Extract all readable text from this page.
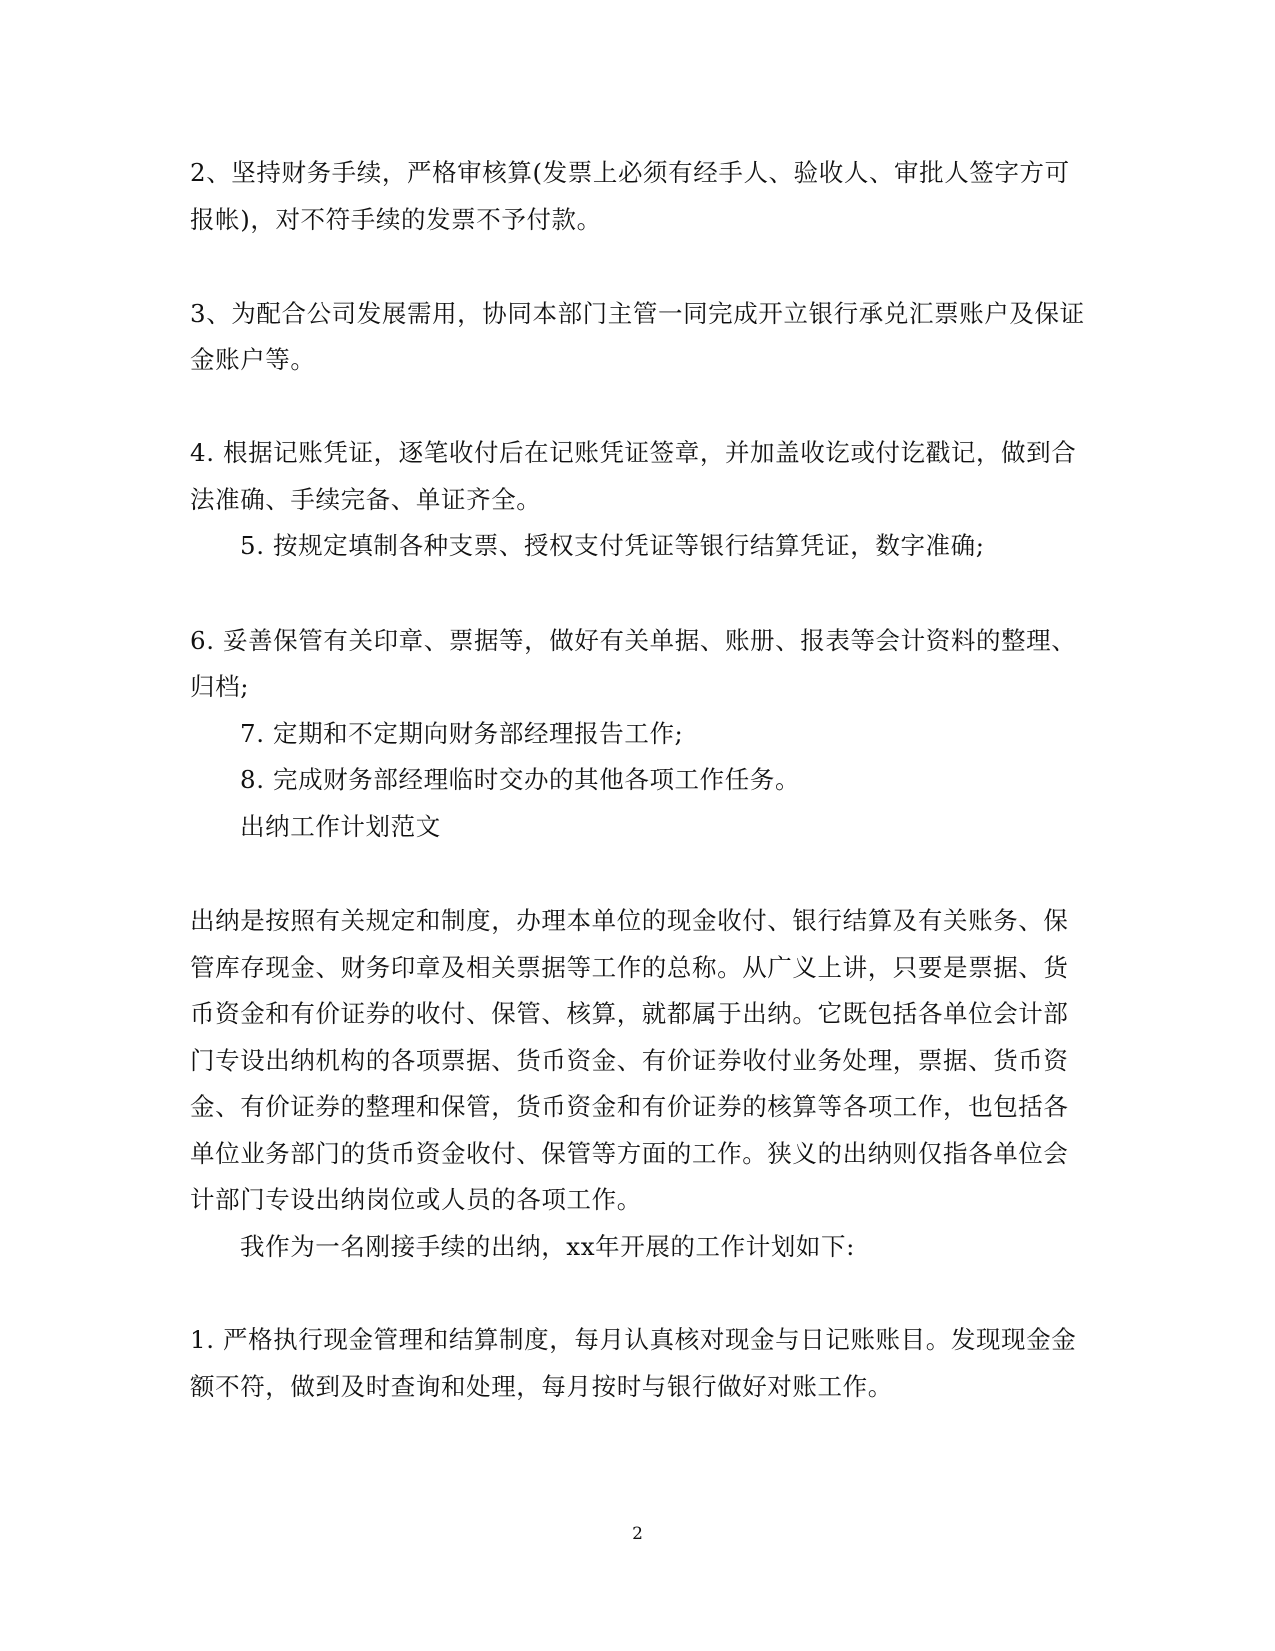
2、坚持财务手续，严格审核算(发票上必须有经手人、验收人、审批人签字方可

报帐)，对不符手续的发票不予付款。

3、为配合公司发展需用，协同本部门主管一同完成开立银行承兑汇票账户及保证

金账户等。

4. 根据记账凭证，逐笔收付后在记账凭证签章，并加盖收讫或付讫戳记，做到合

法准确、手续完备、单证齐全。

5. 按规定填制各种支票、授权支付凭证等银行结算凭证，数字准确;

6. 妥善保管有关印章、票据等，做好有关单据、账册、报表等会计资料的整理、

归档;

7. 定期和不定期向财务部经理报告工作;

8. 完成财务部经理临时交办的其他各项工作任务。

出纳工作计划范文

出纳是按照有关规定和制度，办理本单位的现金收付、银行结算及有关账务、保

管库存现金、财务印章及相关票据等工作的总称。从广义上讲，只要是票据、货

币资金和有价证券的收付、保管、核算，就都属于出纳。它既包括各单位会计部

门专设出纳机构的各项票据、货币资金、有价证券收付业务处理，票据、货币资

金、有价证券的整理和保管，货币资金和有价证券的核算等各项工作，也包括各

单位业务部门的货币资金收付、保管等方面的工作。狭义的出纳则仅指各单位会

计部门专设出纳岗位或人员的各项工作。

我作为一名刚接手续的出纳，xx年开展的工作计划如下:

1. 严格执行现金管理和结算制度，每月认真核对现金与日记账账目。发现现金金

额不符，做到及时查询和处理，每月按时与银行做好对账工作。

2
